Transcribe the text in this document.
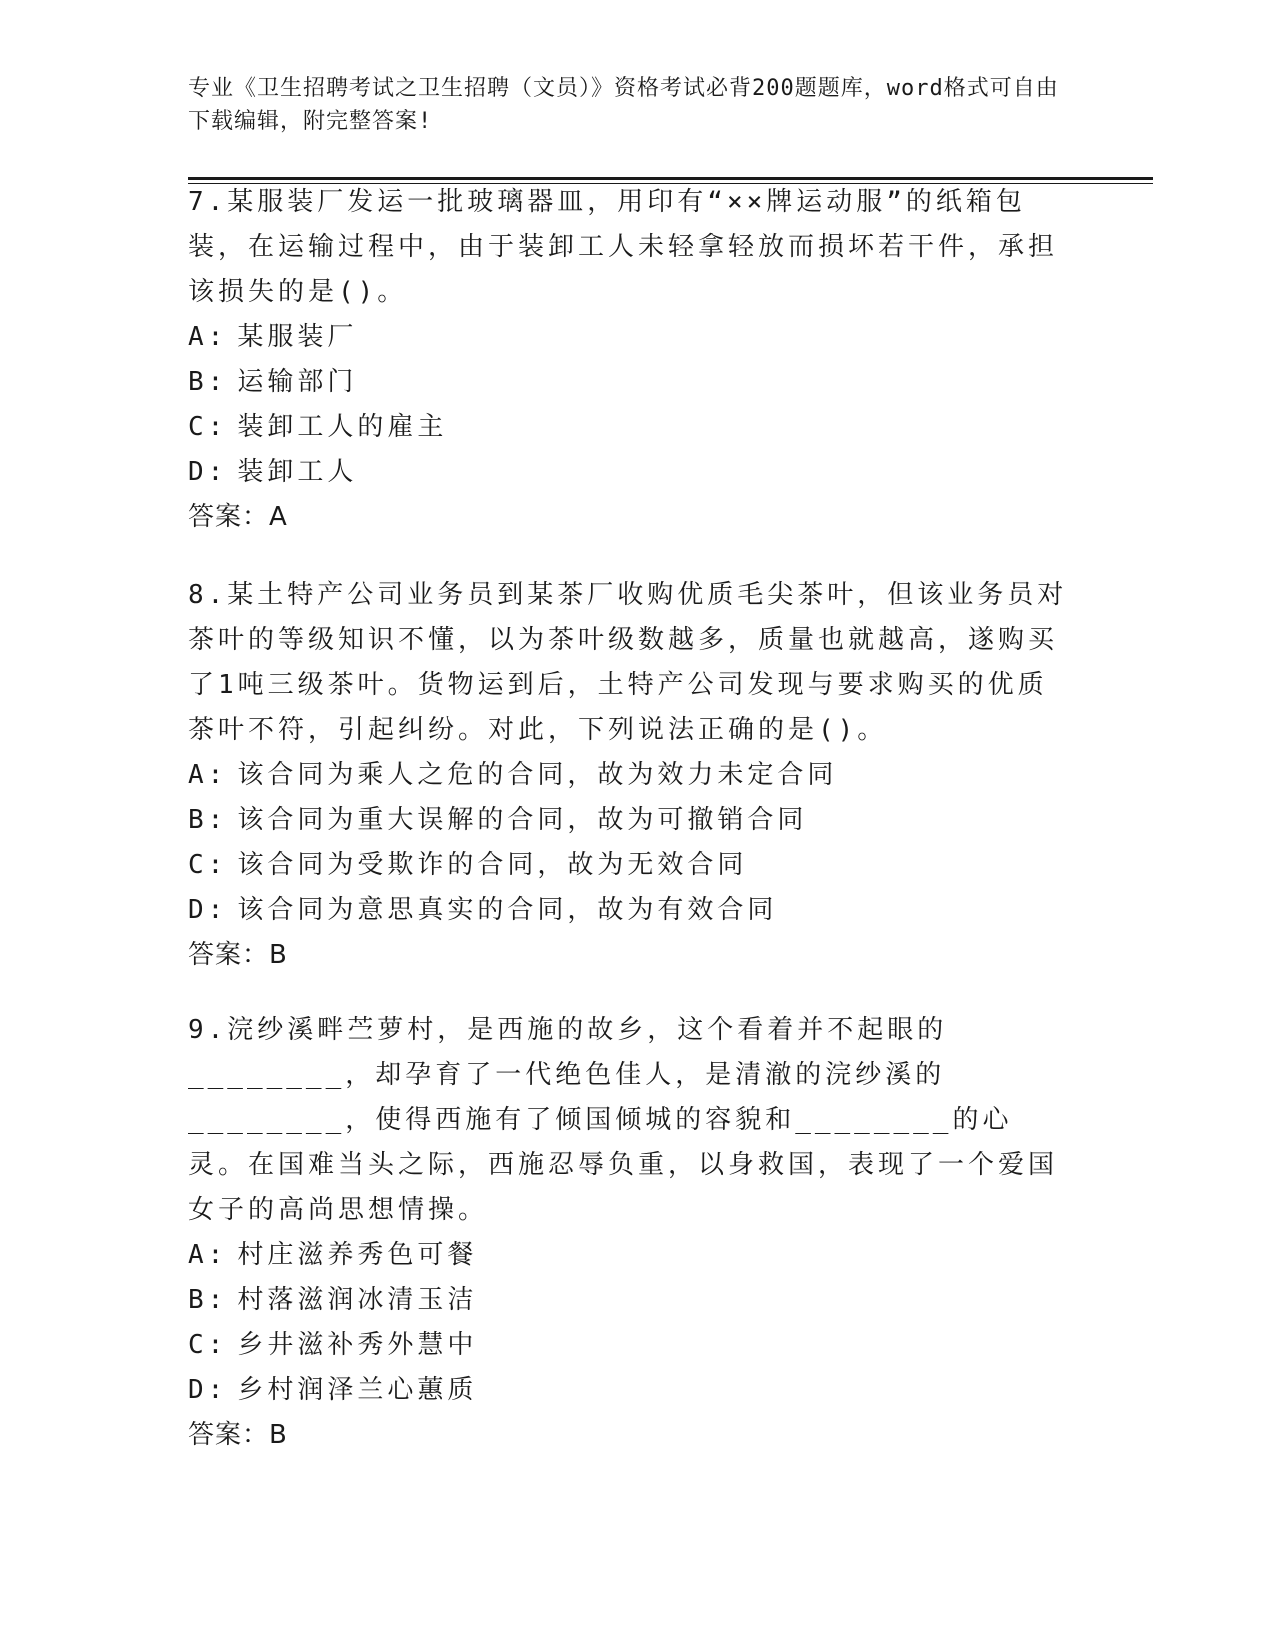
专业《卫生招聘考试之卫生招聘（文员）》资格考试必背200题题库，word格式可自由下载编辑，附完整答案!
7.某服装厂发运一批玻璃器皿，用印有“××牌运动服”的纸箱包装，在运输过程中，由于装卸工人未轻拿轻放而损坏若干件，承担该损失的是()。
A : 某服装厂
B : 运输部门
C : 装卸工人的雇主
D : 装卸工人
答案：A
8.某土特产公司业务员到某茶厂收购优质毛尖茶叶，但该业务员对茶叶的等级知识不懂，以为茶叶级数越多，质量也就越高，遂购买了1吨三级茶叶。货物运到后，土特产公司发现与要求购买的优质茶叶不符，引起纠纷。对此，下列说法正确的是()。
A : 该合同为乘人之危的合同，故为效力未定合同
B : 该合同为重大误解的合同，故为可撤销合同
C : 该合同为受欺诈的合同，故为无效合同
D : 该合同为意思真实的合同，故为有效合同
答案：B
9.浣纱溪畔苎萝村，是西施的故乡，这个看着并不起眼的________，却孕育了一代绝色佳人，是清澈的浣纱溪的________，使得西施有了倾国倾城的容貌和________的心灵。在国难当头之际，西施忍辱负重，以身救国，表现了一个爱国女子的高尚思想情操。
A : 村庄滋养秀色可餐
B : 村落滋润冰清玉洁
C : 乡井滋补秀外慧中
D : 乡村润泽兰心蕙质
答案：B
